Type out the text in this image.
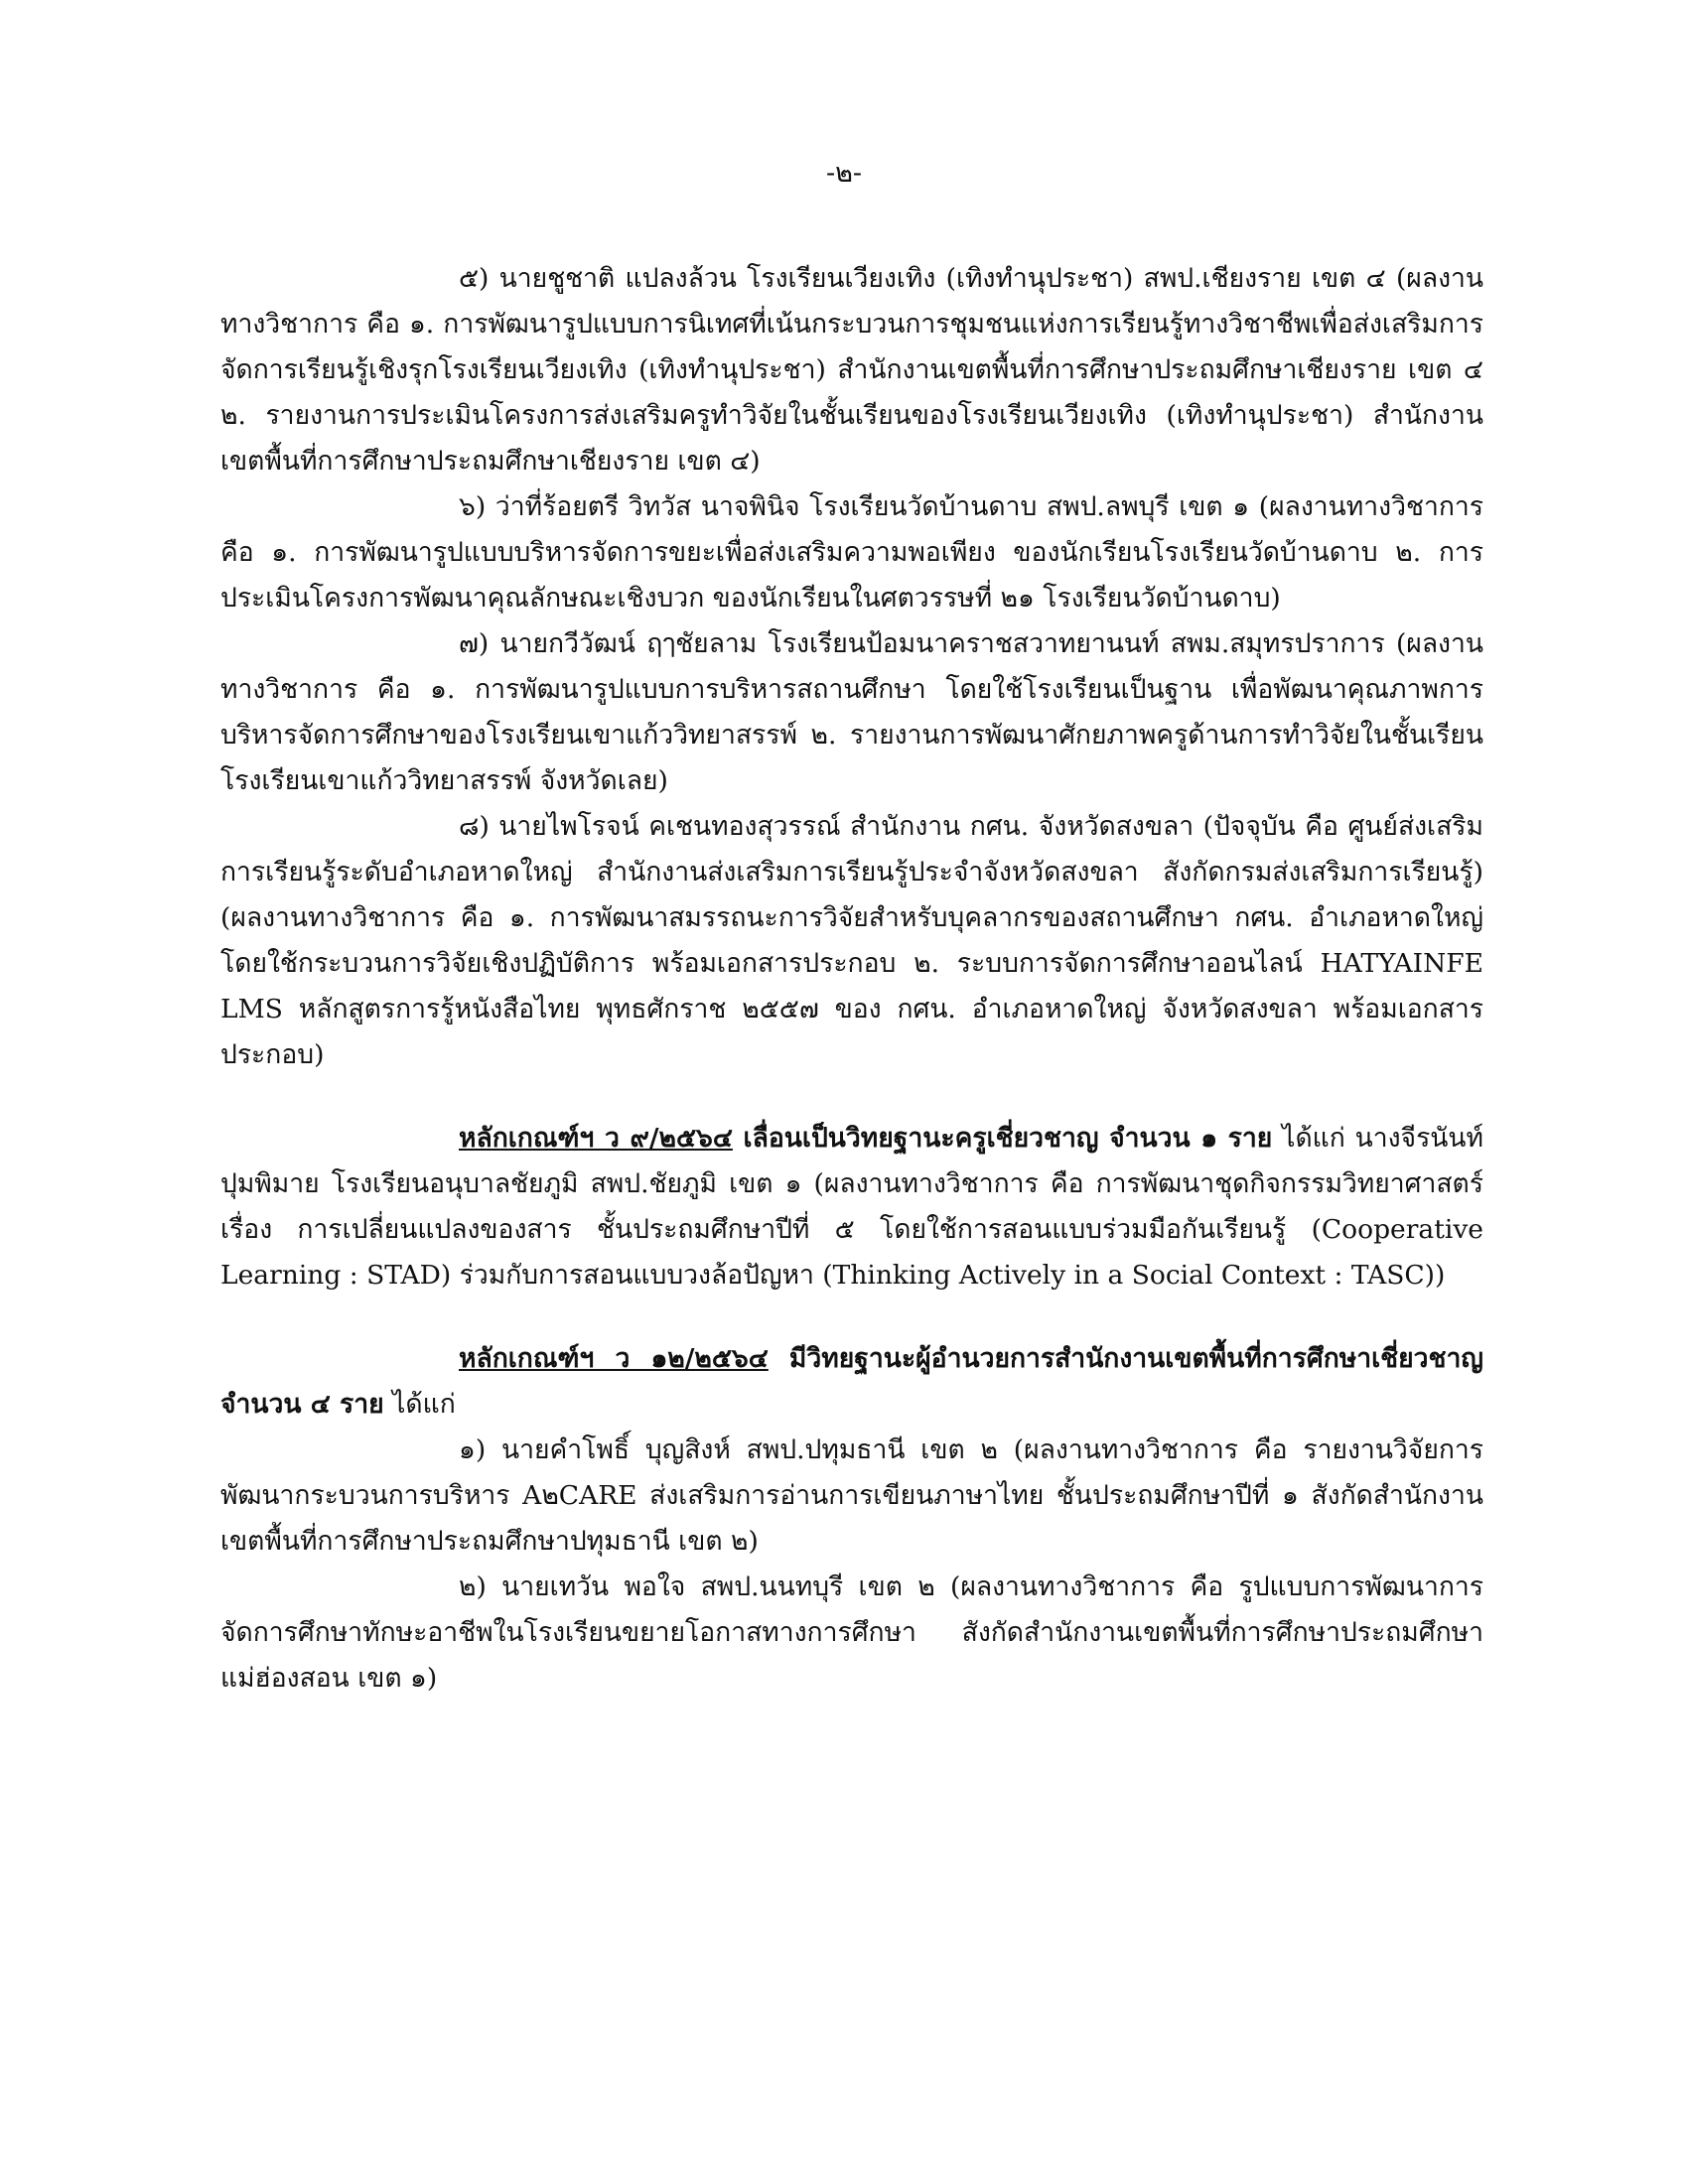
-๒-

๕) นายชูชาติ แปลงล้วน โรงเรียนเวียงเทิง (เทิงทำนุประชา) สพป.เชียงราย เขต ๔ (ผลงานทางวิชาการ คือ ๑. การพัฒนารูปแบบการนิเทศที่เน้นกระบวนการชุมชนแห่งการเรียนรู้ทางวิชาชีพเพื่อส่งเสริมการจัดการเรียนรู้เชิงรุกโรงเรียนเวียงเทิง (เทิงทำนุประชา) สำนักงานเขตพื้นที่การศึกษาประถมศึกษาเชียงราย เขต ๔ ๒. รายงานการประเมินโครงการส่งเสริมครูทำวิจัยในชั้นเรียนของโรงเรียนเวียงเทิง (เทิงทำนุประชา) สำนักงานเขตพื้นที่การศึกษาประถมศึกษาเชียงราย เขต ๔)

๖) ว่าที่ร้อยตรี วิทวัส นาจพินิจ โรงเรียนวัดบ้านดาบ สพป.ลพบุรี เขต ๑ (ผลงานทางวิชาการ คือ ๑. การพัฒนารูปแบบบริหารจัดการขยะเพื่อส่งเสริมความพอเพียง ของนักเรียนโรงเรียนวัดบ้านดาบ ๒. การประเมินโครงการพัฒนาคุณลักษณะเชิงบวก ของนักเรียนในศตวรรษที่ ๒๑ โรงเรียนวัดบ้านดาบ)

๗) นายกวีวัฒน์ ฤๅชัยลาม โรงเรียนป้อมนาคราชสวาทยานนท์ สพม.สมุทรปราการ (ผลงานทางวิชาการ คือ ๑. การพัฒนารูปแบบการบริหารสถานศึกษา โดยใช้โรงเรียนเป็นฐาน เพื่อพัฒนาคุณภาพการบริหารจัดการศึกษาของโรงเรียนเขาแก้ววิทยาสรรพ์ ๒. รายงานการพัฒนาศักยภาพครูด้านการทำวิจัยในชั้นเรียนโรงเรียนเขาแก้ววิทยาสรรพ์ จังหวัดเลย)

๘) นายไพโรจน์ คเชนทองสุวรรณ์ สำนักงาน กศน. จังหวัดสงขลา (ปัจจุบัน คือ ศูนย์ส่งเสริมการเรียนรู้ระดับอำเภอหาดใหญ่ สำนักงานส่งเสริมการเรียนรู้ประจำจังหวัดสงขลา สังกัดกรมส่งเสริมการเรียนรู้) (ผลงานทางวิชาการ คือ ๑. การพัฒนาสมรรถนะการวิจัยสำหรับบุคลากรของสถานศึกษา กศน. อำเภอหาดใหญ่ โดยใช้กระบวนการวิจัยเชิงปฏิบัติการ พร้อมเอกสารประกอบ ๒. ระบบการจัดการศึกษาออนไลน์ HATYAINFE LMS หลักสูตรการรู้หนังสือไทย พุทธศักราช ๒๕๕๗ ของ กศน. อำเภอหาดใหญ่ จังหวัดสงขลา พร้อมเอกสารประกอบ)

หลักเกณฑ์ฯ ว ๙/๒๕๖๔ เลื่อนเป็นวิทยฐานะครูเชี่ยวชาญ จำนวน ๑ ราย ได้แก่ นางจีรนันท์ ปุมพิมาย โรงเรียนอนุบาลชัยภูมิ สพป.ชัยภูมิ เขต ๑ (ผลงานทางวิชาการ คือ การพัฒนาชุดกิจกรรมวิทยาศาสตร์ เรื่อง การเปลี่ยนแปลงของสาร ชั้นประถมศึกษาปีที่ ๕ โดยใช้การสอนแบบร่วมมือกันเรียนรู้ (Cooperative Learning : STAD) ร่วมกับการสอนแบบวงล้อปัญหา (Thinking Actively in a Social Context : TASC))

หลักเกณฑ์ฯ ว ๑๒/๒๕๖๔ มีวิทยฐานะผู้อำนวยการสำนักงานเขตพื้นที่การศึกษาเชี่ยวชาญ จำนวน ๔ ราย ได้แก่

๑) นายคำโพธิ์ บุญสิงห์ สพป.ปทุมธานี เขต ๒ (ผลงานทางวิชาการ คือ รายงานวิจัยการพัฒนากระบวนการบริหาร A๒CARE ส่งเสริมการอ่านการเขียนภาษาไทย ชั้นประถมศึกษาปีที่ ๑ สังกัดสำนักงานเขตพื้นที่การศึกษาประถมศึกษาปทุมธานี เขต ๒)

๒) นายเทวัน พอใจ สพป.นนทบุรี เขต ๒ (ผลงานทางวิชาการ คือ รูปแบบการพัฒนาการจัดการศึกษาทักษะอาชีพในโรงเรียนขยายโอกาสทางการศึกษา สังกัดสำนักงานเขตพื้นที่การศึกษาประถมศึกษาแม่ฮ่องสอน เขต ๑)
